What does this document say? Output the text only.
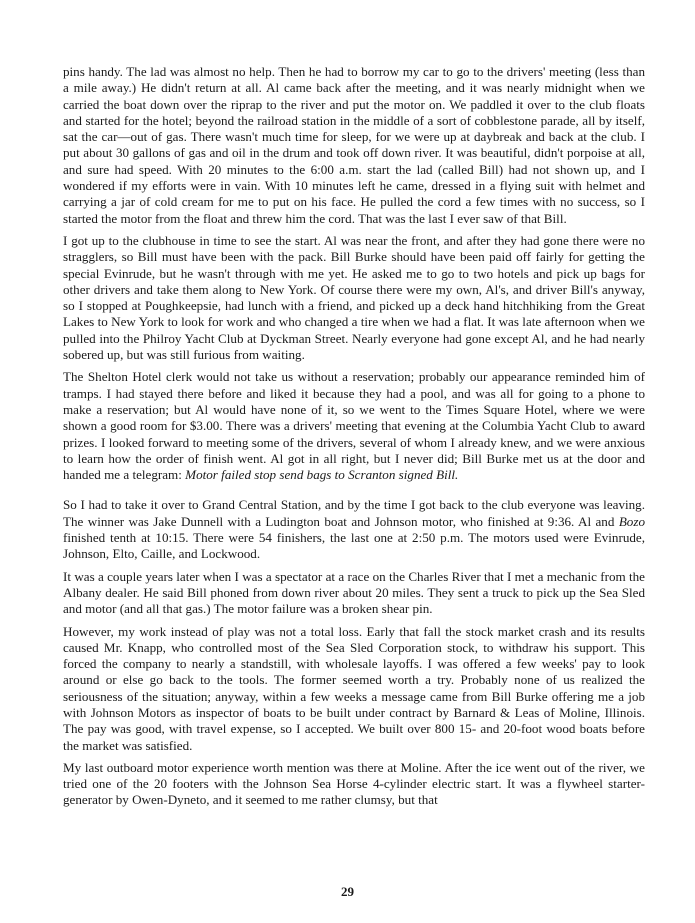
pins handy. The lad was almost no help. Then he had to borrow my car to go to the drivers' meeting (less than a mile away.) He didn't return at all. Al came back after the meeting, and it was nearly midnight when we carried the boat down over the riprap to the river and put the motor on. We paddled it over to the club floats and started for the hotel; beyond the railroad station in the middle of a sort of cobblestone parade, all by itself, sat the car—out of gas. There wasn't much time for sleep, for we were up at daybreak and back at the club. I put about 30 gallons of gas and oil in the drum and took off down river. It was beautiful, didn't porpoise at all, and sure had speed. With 20 minutes to the 6:00 a.m. start the lad (called Bill) had not shown up, and I wondered if my efforts were in vain. With 10 minutes left he came, dressed in a flying suit with helmet and carrying a jar of cold cream for me to put on his face. He pulled the cord a few times with no success, so I started the motor from the float and threw him the cord. That was the last I ever saw of that Bill.

I got up to the clubhouse in time to see the start. Al was near the front, and after they had gone there were no stragglers, so Bill must have been with the pack. Bill Burke should have been paid off fairly for getting the special Evinrude, but he wasn't through with me yet. He asked me to go to two hotels and pick up bags for other drivers and take them along to New York. Of course there were my own, Al's, and driver Bill's anyway, so I stopped at Poughkeepsie, had lunch with a friend, and picked up a deck hand hitchhiking from the Great Lakes to New York to look for work and who changed a tire when we had a flat. It was late afternoon when we pulled into the Philroy Yacht Club at Dyckman Street. Nearly everyone had gone except Al, and he had nearly sobered up, but was still furious from waiting.

The Shelton Hotel clerk would not take us without a reservation; probably our appearance reminded him of tramps. I had stayed there before and liked it because they had a pool, and was all for going to a phone to make a reservation; but Al would have none of it, so we went to the Times Square Hotel, where we were shown a good room for $3.00. There was a drivers' meeting that evening at the Columbia Yacht Club to award prizes. I looked forward to meeting some of the drivers, several of whom I already knew, and we were anxious to learn how the order of finish went. Al got in all right, but I never did; Bill Burke met us at the door and handed me a telegram: Motor failed stop send bags to Scranton signed Bill.

So I had to take it over to Grand Central Station, and by the time I got back to the club everyone was leaving. The winner was Jake Dunnell with a Ludington boat and Johnson motor, who finished at 9:36. Al and Bozo finished tenth at 10:15. There were 54 finishers, the last one at 2:50 p.m. The motors used were Evinrude, Johnson, Elto, Caille, and Lockwood.

It was a couple years later when I was a spectator at a race on the Charles River that I met a mechanic from the Albany dealer. He said Bill phoned from down river about 20 miles. They sent a truck to pick up the Sea Sled and motor (and all that gas.) The motor failure was a broken shear pin.

However, my work instead of play was not a total loss. Early that fall the stock market crash and its results caused Mr. Knapp, who controlled most of the Sea Sled Corporation stock, to withdraw his support. This forced the company to nearly a standstill, with wholesale layoffs. I was offered a few weeks' pay to look around or else go back to the tools. The former seemed worth a try. Probably none of us realized the seriousness of the situation; anyway, within a few weeks a message came from Bill Burke offering me a job with Johnson Motors as inspector of boats to be built under contract by Barnard & Leas of Moline, Illinois. The pay was good, with travel expense, so I accepted. We built over 800 15- and 20-foot wood boats before the market was satisfied.

My last outboard motor experience worth mention was there at Moline. After the ice went out of the river, we tried one of the 20 footers with the Johnson Sea Horse 4-cylinder electric start. It was a flywheel starter-generator by Owen-Dyneto, and it seemed to me rather clumsy, but that

29
